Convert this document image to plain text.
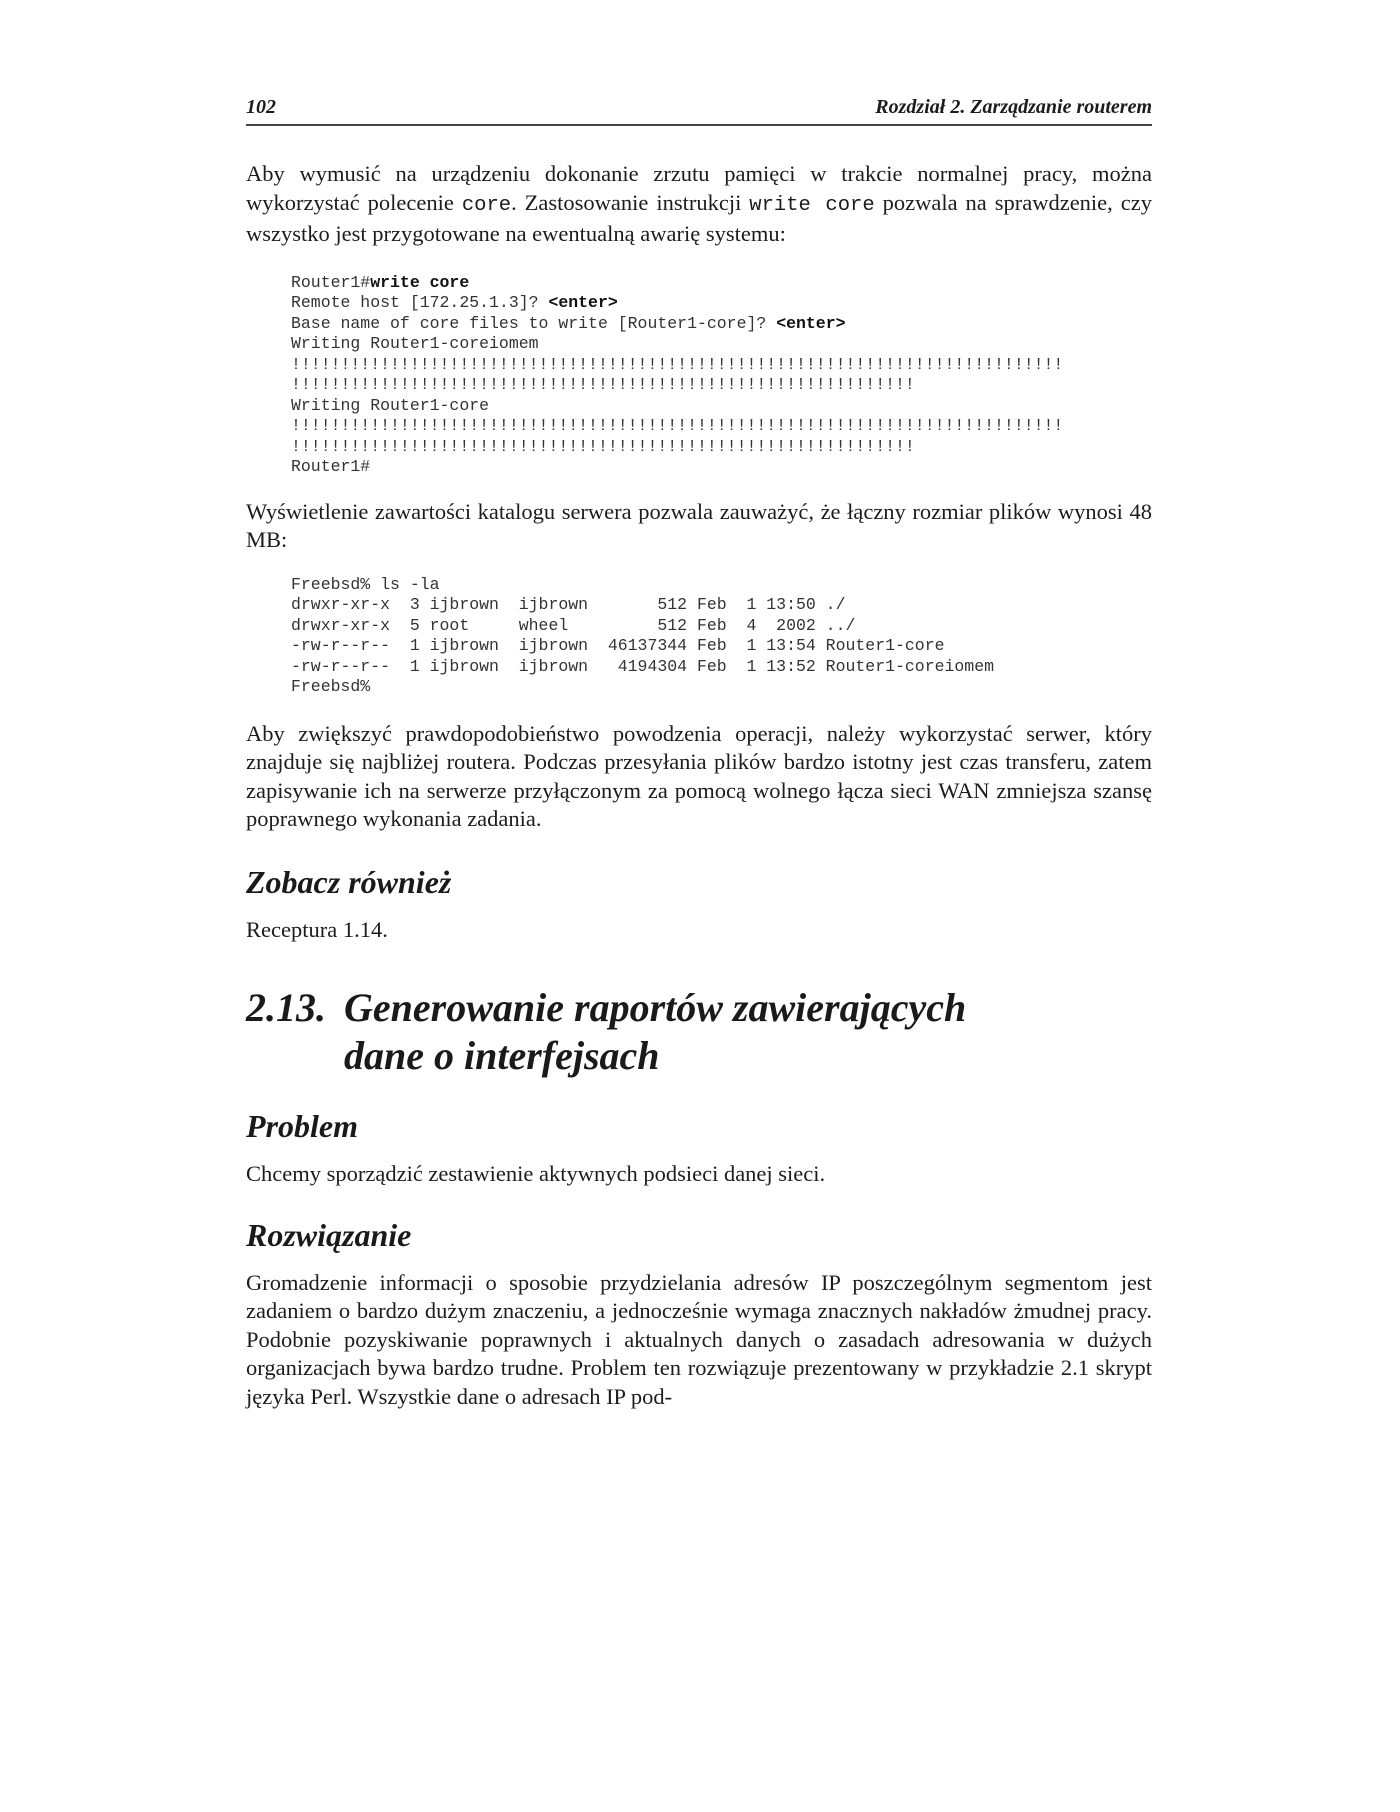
102	Rozdział 2. Zarządzanie routerem

Aby wymusić na urządzeniu dokonanie zrzutu pamięci w trakcie normalnej pracy, można wykorzystać polecenie core. Zastosowanie instrukcji write core pozwala na sprawdzenie, czy wszystko jest przygotowane na ewentualną awarię systemu:

Router1#write core
Remote host [172.25.1.3]? <enter>
Base name of core files to write [Router1-core]? <enter>
Writing Router1-coreiomem
!!!!!!!!!!!!!!!!!!!!!!!!!!!!!!!!!!!!!!!!!!!!!!!!!!!!!!!!!!!!!!!!!!!!!!!!!!!!!!
!!!!!!!!!!!!!!!!!!!!!!!!!!!!!!!!!!!!!!!!!!!!!!!!!!!!!!!!!!!!!!!
Writing Router1-core
!!!!!!!!!!!!!!!!!!!!!!!!!!!!!!!!!!!!!!!!!!!!!!!!!!!!!!!!!!!!!!!!!!!!!!!!!!!!!!
!!!!!!!!!!!!!!!!!!!!!!!!!!!!!!!!!!!!!!!!!!!!!!!!!!!!!!!!!!!!!!!
Router1#

Wyświetlenie zawartości katalogu serwera pozwala zauważyć, że łączny rozmiar plików wynosi 48 MB:

Freebsd% ls -la
drwxr-xr-x  3 ijbrown  ijbrown       512 Feb  1 13:50 ./
drwxr-xr-x  5 root     wheel         512 Feb  4  2002 ../
-rw-r--r--  1 ijbrown  ijbrown  46137344 Feb  1 13:54 Router1-core
-rw-r--r--  1 ijbrown  ijbrown   4194304 Feb  1 13:52 Router1-coreiomem
Freebsd%

Aby zwiększyć prawdopodobieństwo powodzenia operacji, należy wykorzystać serwer, który znajduje się najbliżej routera. Podczas przesyłania plików bardzo istotny jest czas transferu, zatem zapisywanie ich na serwerze przyłączonym za pomocą wolnego łącza sieci WAN zmniejsza szansę poprawnego wykonania zadania.

Zobacz również

Receptura 1.14.

2.13. Generowanie raportów zawierających
dane o interfejsach
Problem

Chcemy sporządzić zestawienie aktywnych podsieci danej sieci.

Rozwiązanie

Gromadzenie informacji o sposobie przydzielania adresów IP poszczególnym segmentom jest zadaniem o bardzo dużym znaczeniu, a jednocześnie wymaga znacznych nakładów żmudnej pracy. Podobnie pozyskiwanie poprawnych i aktualnych danych o zasadach adresowania w dużych organizacjach bywa bardzo trudne. Problem ten rozwiązuje prezentowany w przykładzie 2.1 skrypt języka Perl. Wszystkie dane o adresach IP pod-
